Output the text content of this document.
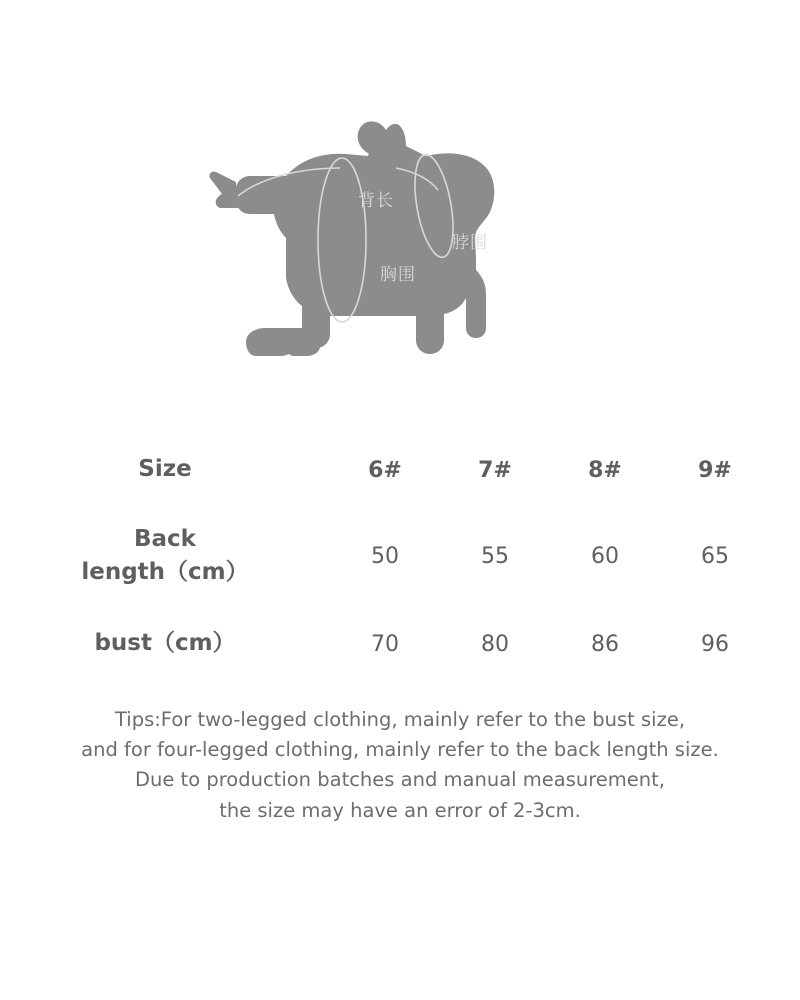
背长
胸围
脖围
Size	6#	7#	8#	9#
Back
length（cm）
50	55	60	65
bust（cm）	70	80	86	96
Tips:For two-legged clothing, mainly refer to the bust size,
and for four-legged clothing, mainly refer to the back length size.
Due to production batches and manual measurement,
the size may have an error of 2-3cm.
